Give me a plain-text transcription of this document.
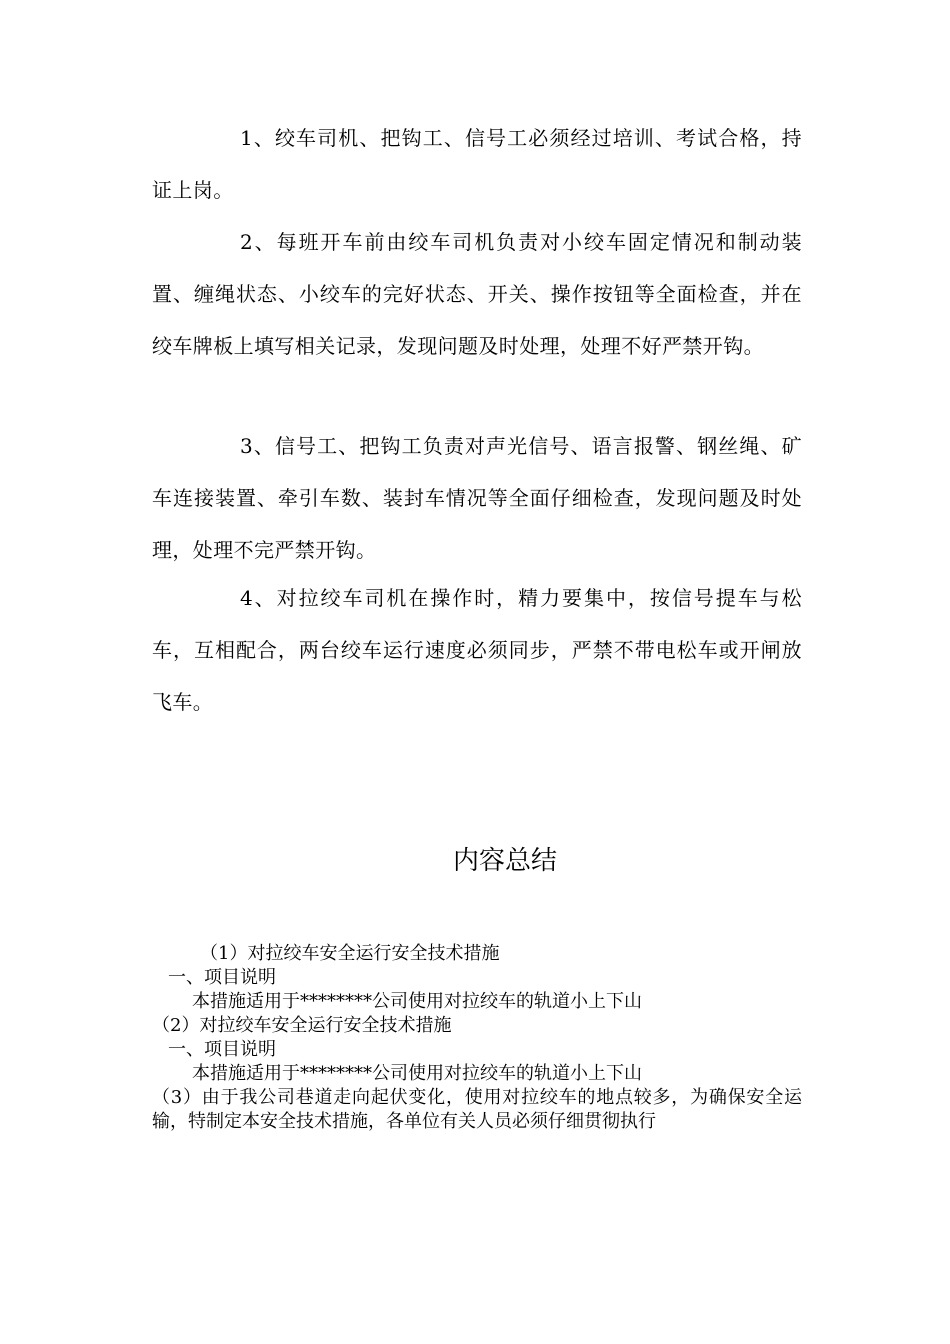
1、绞车司机、把钩工、信号工必须经过培训、考试合格，持证上岗。

2、每班开车前由绞车司机负责对小绞车固定情况和制动装置、缠绳状态、小绞车的完好状态、开关、操作按钮等全面检查，并在绞车牌板上填写相关记录，发现问题及时处理，处理不好严禁开钩。

3、信号工、把钩工负责对声光信号、语言报警、钢丝绳、矿车连接装置、牵引车数、装封车情况等全面仔细检查，发现问题及时处理，处理不完严禁开钩。

4、对拉绞车司机在操作时，精力要集中，按信号提车与松车，互相配合，两台绞车运行速度必须同步，严禁不带电松车或开闸放飞车。

内容总结

（1）对拉绞车安全运行安全技术措施

一、项目说明

本措施适用于********公司使用对拉绞车的轨道小上下山

（2）对拉绞车安全运行安全技术措施

一、项目说明

本措施适用于********公司使用对拉绞车的轨道小上下山

（3）由于我公司巷道走向起伏变化，使用对拉绞车的地点较多，为确保安全运输，特制定本安全技术措施，各单位有关人员必须仔细贯彻执行
